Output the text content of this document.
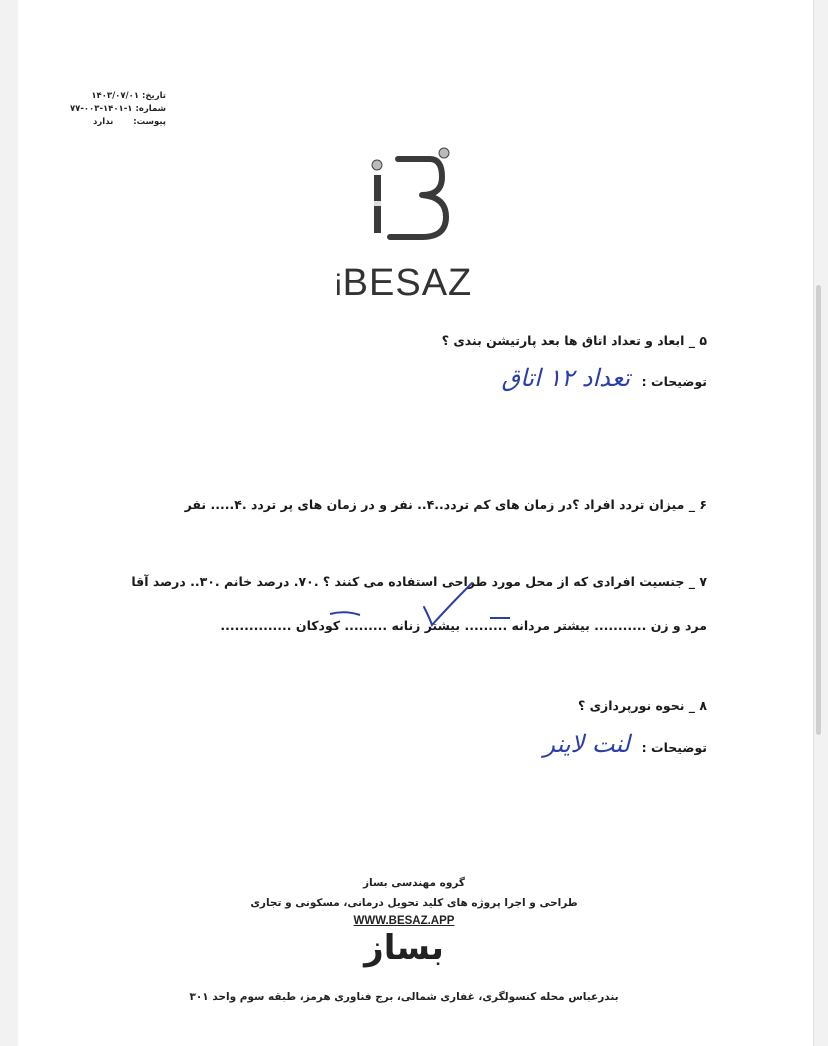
تاریخ: ۱۴۰۳/۰۷/۰۱
شماره: ۱-۱۴۰۱-۰۰۳-۷۷
پیوست:  ندارد
iBESAZ
۵ _ ابعاد و تعداد اتاق ها بعد پارتیشن بندی ؟
توضیحات :
تعداد ۱۲ اتاق
۶ _ میزان تردد افراد ؟در زمان های کم تردد..۴.. نفر و در زمان های پر تردد .۴..... نفر
۷ _ جنسیت افرادی که از محل مورد طراحی استفاده می کنند ؟ .۷۰. درصد خانم .۳۰.. درصد آقا
مرد و زن ........... بیشتر مردانه ......... بیشتر زنانه ......... کودکان ...............
۸ _ نحوه نورپردازی ؟
توضیحات :
لنت لاینر
گروه مهندسی بساز
طراحی و اجرا پروژه های کلید تحویل درمانی، مسکونی و تجاری
WWW.BESAZ.APP
بساز
بندرعباس محله کنسولگری، غفاری شمالی، برج فناوری هرمز، طبقه سوم واحد ۳۰۱
